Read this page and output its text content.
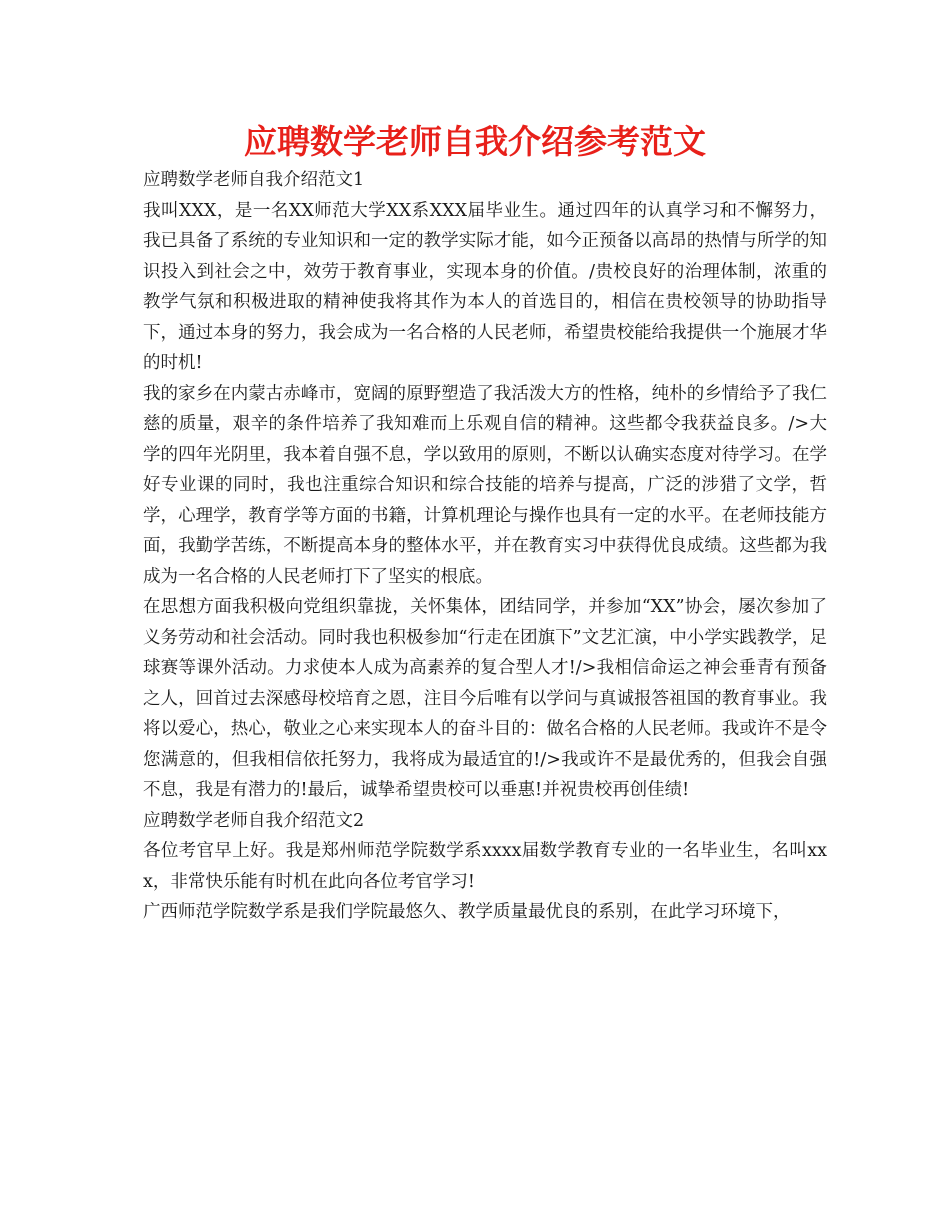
应聘数学老师自我介绍参考范文

应聘数学老师自我介绍范文1

我叫XXX，是一名XX师范大学XX系XXX届毕业生。通过四年的认真学习和不懈努力，我已具备了系统的专业知识和一定的教学实际才能，如今正预备以高昂的热情与所学的知识投入到社会之中，效劳于教育事业，实现本身的价值。/贵校良好的治理体制，浓重的教学气氛和积极进取的精神使我将其作为本人的首选目的，相信在贵校领导的协助指导下，通过本身的努力，我会成为一名合格的人民老师，希望贵校能给我提供一个施展才华的时机!

我的家乡在内蒙古赤峰市，宽阔的原野塑造了我活泼大方的性格，纯朴的乡情给予了我仁慈的质量，艰辛的条件培养了我知难而上乐观自信的精神。这些都令我获益良多。/>大学的四年光阴里，我本着自强不息，学以致用的原则，不断以认确实态度对待学习。在学好专业课的同时，我也注重综合知识和综合技能的培养与提高，广泛的涉猎了文学，哲学，心理学，教育学等方面的书籍，计算机理论与操作也具有一定的水平。在老师技能方面，我勤学苦练，不断提高本身的整体水平，并在教育实习中获得优良成绩。这些都为我成为一名合格的人民老师打下了坚实的根底。

在思想方面我积极向党组织靠拢，关怀集体，团结同学，并参加“XX”协会，屡次参加了义务劳动和社会活动。同时我也积极参加“行走在团旗下”文艺汇演，中小学实践教学，足球赛等课外活动。力求使本人成为高素养的复合型人才!/>我相信命运之神会垂青有预备之人，回首过去深感母校培育之恩，注目今后唯有以学问与真诚报答祖国的教育事业。我将以爱心，热心，敬业之心来实现本人的奋斗目的：做名合格的人民老师。我或许不是令您满意的，但我相信依托努力，我将成为最适宜的!/>我或许不是最优秀的，但我会自强不息，我是有潜力的!最后，诚挚希望贵校可以垂惠!并祝贵校再创佳绩!

应聘数学老师自我介绍范文2

各位考官早上好。我是郑州师范学院数学系xxxx届数学教育专业的一名毕业生，名叫xxx，非常快乐能有时机在此向各位考官学习!

广西师范学院数学系是我们学院最悠久、教学质量最优良的系别，在此学习环境下，
